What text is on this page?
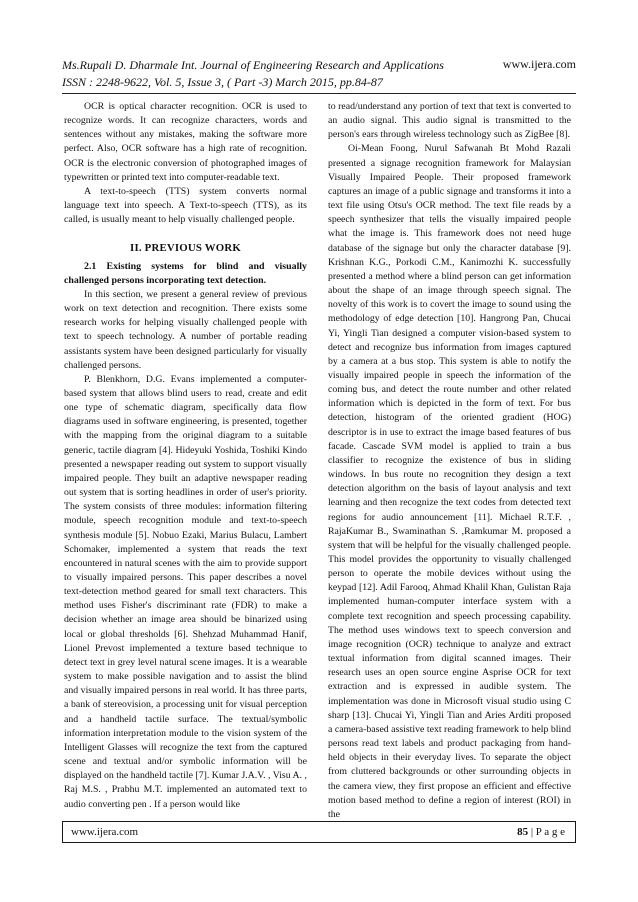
Ms.Rupali D. Dharmale Int. Journal of Engineering Research and Applications	www.ijera.com
ISSN : 2248-9622, Vol. 5, Issue 3, ( Part -3) March 2015, pp.84-87

OCR is optical character recognition. OCR is used to recognize words. It can recognize characters, words and sentences without any mistakes, making the software more perfect. Also, OCR software has a high rate of recognition. OCR is the electronic conversion of photographed images of typewritten or printed text into computer-readable text.

A text-to-speech (TTS) system converts normal language text into speech. A Text-to-speech (TTS), as its called, is usually meant to help visually challenged people.

II. PREVIOUS WORK

2.1 Existing systems for blind and visually challenged persons incorporating text detection.

In this section, we present a general review of previous work on text detection and recognition. There exists some research works for helping visually challenged people with text to speech technology. A number of portable reading assistants system have been designed particularly for visually challenged persons.

P. Blenkhorn, D.G. Evans implemented a computer-based system that allows blind users to read, create and edit one type of schematic diagram, specifically data flow diagrams used in software engineering, is presented, together with the mapping from the original diagram to a suitable generic, tactile diagram [4]. Hideyuki Yoshida, Toshiki Kindo presented a newspaper reading out system to support visually impaired people. They built an adaptive newspaper reading out system that is sorting headlines in order of user's priority. The system consists of three modules: information filtering module, speech recognition module and text-to-speech synthesis module [5]. Nobuo Ezaki, Marius Bulacu, Lambert Schomaker, implemented a system that reads the text encountered in natural scenes with the aim to provide support to visually impaired persons. This paper describes a novel text-detection method geared for small text characters. This method uses Fisher's discriminant rate (FDR) to make a decision whether an image area should be binarized using local or global thresholds [6]. Shehzad Muhammad Hanif, Lionel Prevost implemented a texture based technique to detect text in grey level natural scene images. It is a wearable system to make possible navigation and to assist the blind and visually impaired persons in real world. It has three parts, a bank of stereovision, a processing unit for visual perception and a handheld tactile surface. The textual/symbolic information interpretation module to the vision system of the Intelligent Glasses will recognize the text from the captured scene and textual and/or symbolic information will be displayed on the handheld tactile [7]. Kumar J.A.V. , Visu A. , Raj M.S. , Prabhu M.T. implemented an automated text to audio converting pen . If a person would like

to read/understand any portion of text that text is converted to an audio signal. This audio signal is transmitted to the person's ears through wireless technology such as ZigBee [8].

Oi-Mean Foong, Nurul Safwanah Bt Mohd Razali presented a signage recognition framework for Malaysian Visually Impaired People. Their proposed framework captures an image of a public signage and transforms it into a text file using Otsu's OCR method. The text file reads by a speech synthesizer that tells the visually impaired people what the image is. This framework does not need huge database of the signage but only the character database [9]. Krishnan K.G., Porkodi C.M., Kanimozhi K. successfully presented a method where a blind person can get information about the shape of an image through speech signal. The novelty of this work is to covert the image to sound using the methodology of edge detection [10]. Hangrong Pan, Chucai Yi, Yingli Tian designed a computer vision-based system to detect and recognize bus information from images captured by a camera at a bus stop. This system is able to notify the visually impaired people in speech the information of the coming bus, and detect the route number and other related information which is depicted in the form of text. For bus detection, histogram of the oriented gradient (HOG) descriptor is in use to extract the image based features of bus facade. Cascade SVM model is applied to train a bus classifier to recognize the existence of bus in sliding windows. In bus route no recognition they design a text detection algorithm on the basis of layout analysis and text learning and then recognize the text codes from detected text regions for audio announcement [11]. Michael R.T.F. , RajaKumar B., Swaminathan S. ,Ramkumar M. proposed a system that will be helpful for the visually challenged people. This model provides the opportunity to visually challenged person to operate the mobile devices without using the keypad [12]. Adil Farooq, Ahmad Khalil Khan, Gulistan Raja implemented human-computer interface system with a complete text recognition and speech processing capability. The method uses windows text to speech conversion and image recognition (OCR) technique to analyze and extract textual information from digital scanned images. Their research uses an open source engine Asprise OCR for text extraction and is expressed in audible system. The implementation was done in Microsoft visual studio using C sharp [13]. Chucai Yi, Yingli Tian and Aries Arditi proposed a camera-based assistive text reading framework to help blind persons read text labels and product packaging from hand-held objects in their everyday lives. To separate the object from cluttered backgrounds or other surrounding objects in the camera view, they first propose an efficient and effective motion based method to define a region of interest (ROI) in the

www.ijera.com	85 | P a g e
